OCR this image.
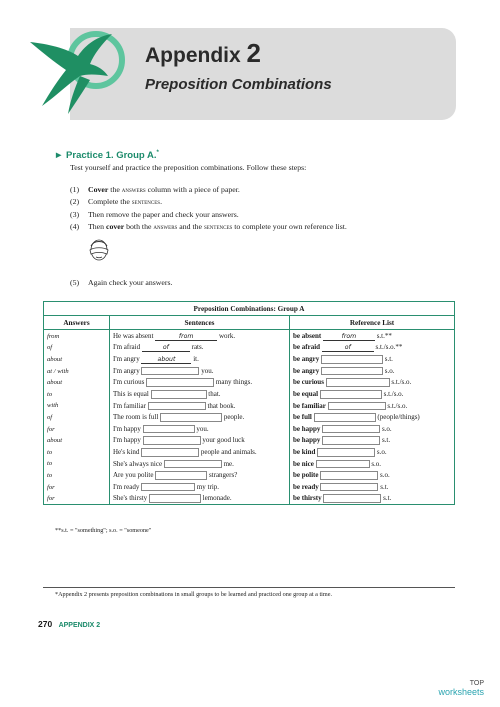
Appendix 2
Preposition Combinations
► Practice 1. Group A.*
Test yourself and practice the preposition combinations. Follow these steps:
(1)	Cover the answers column with a piece of paper.
(2)	Complete the sentences.
(3)	Then remove the paper and check your answers.
(4)	Then cover both the answers and the sentences to complete your own reference list.
(5)	Again check your answers.
Preposition Combinations: Group A		
Answers	Sentences	Reference List
from	He was absent from work.	be absent from s.t.**
of	I'm afraid of rats.	be afraid of s.t./s.o.**
about	I'm angry about it.	be angry s.t.
at / with	I'm angry you.	be angry s.o.
about	I'm curious many things.	be curious s.t./s.o.
to	This is equal that.	be equal s.t./s.o.
with	I'm familiar that book.	be familiar s.t./s.o.
of	The room is full people.	be full (people/things)
for	I'm happy you.	be happy s.o.
about	I'm happy your good luck	be happy s.t.
to	He's kind people and animals.	be kind s.o.
to	She's always nice me.	be nice s.o.
to	Are you polite strangers?	be polite s.o.
for	I'm ready my trip.	be ready s.t.
for	She's thirsty lemonade.	be thirsty s.t.
**s.t. = "something"; s.o. = "someone"
*Appendix 2 presents preposition combinations in small groups to be learned and practiced one group at a time.
270 APPENDIX 2
TOP
worksheets
